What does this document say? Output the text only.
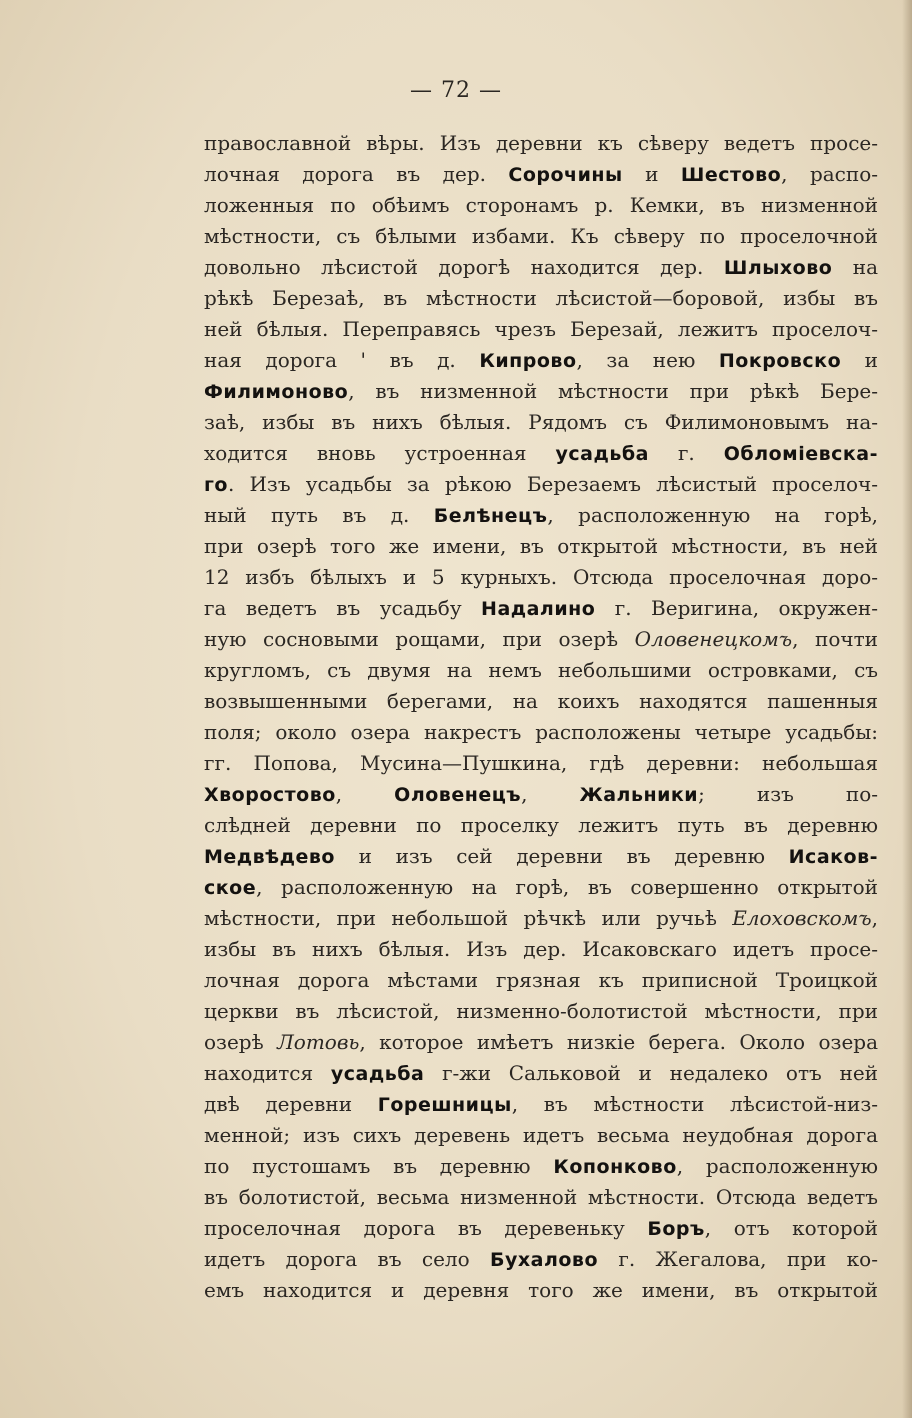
— 72 —
православной вѣры. Изъ деревни къ сѣверу ведетъ просе-
лочная дорога въ дер. Сорочины и Шестово, распо-
ложенныя по обѣимъ сторонамъ р. Кемки, въ низменной
мѣстности, съ бѣлыми избами. Къ сѣверу по проселочной
довольно лѣсистой дорогѣ находится дер. Шлыхово на
рѣкѣ Березаѣ, въ мѣстности лѣсистой—боровой, избы въ
ней бѣлыя. Переправясь чрезъ Березай, лежитъ проселоч-
ная дорога ' въ д. Кипрово, за нею Покровско и
Филимоново, въ низменной мѣстности при рѣкѣ Бере-
заѣ, избы въ нихъ бѣлыя. Рядомъ съ Филимоновымъ на-
ходится вновь устроенная усадьба г. Обломіевска-
го. Изъ усадьбы за рѣкою Березаемъ лѣсистый проселоч-
ный путь въ д. Белѣнецъ, расположенную на горѣ,
при озерѣ того же имени, въ открытой мѣстности, въ ней
12 избъ бѣлыхъ и 5 курныхъ. Отсюда проселочная доро-
га ведетъ въ усадьбу Надалино г. Веригина, окружен-
ную сосновыми рощами, при озерѣ Оловенецкомъ, почти
кругломъ, съ двумя на немъ небольшими островками, съ
возвышенными берегами, на коихъ находятся пашенныя
поля; около озера накрестъ расположены четыре усадьбы:
гг. Попова, Мусина—Пушкина, гдѣ деревни: небольшая
Хворостово, Оловенецъ, Жальники; изъ по-
слѣдней деревни по проселку лежитъ путь въ деревню
Медвѣдево и изъ сей деревни въ деревню Исаков-
ское, расположенную на горѣ, въ совершенно открытой
мѣстности, при небольшой рѣчкѣ или ручьѣ Елоховскомъ,
избы въ нихъ бѣлыя. Изъ дер. Исаковскаго идетъ просе-
лочная дорога мѣстами грязная къ приписной Троицкой
церкви въ лѣсистой, низменно-болотистой мѣстности, при
озерѣ Лотовь, которое имѣетъ низкіе берега. Около озера
находится усадьба г-жи Сальковой и недалеко отъ ней
двѣ деревни Горешницы, въ мѣстности лѣсистой-низ-
менной; изъ сихъ деревень идетъ весьма неудобная дорога
по пустошамъ въ деревню Копонково, расположенную
въ болотистой, весьма низменной мѣстности. Отсюда ведетъ
проселочная дорога въ деревеньку Боръ, отъ которой
идетъ дорога въ село Бухалово г. Жегалова, при ко-
емъ находится и деревня того же имени, въ открытой
